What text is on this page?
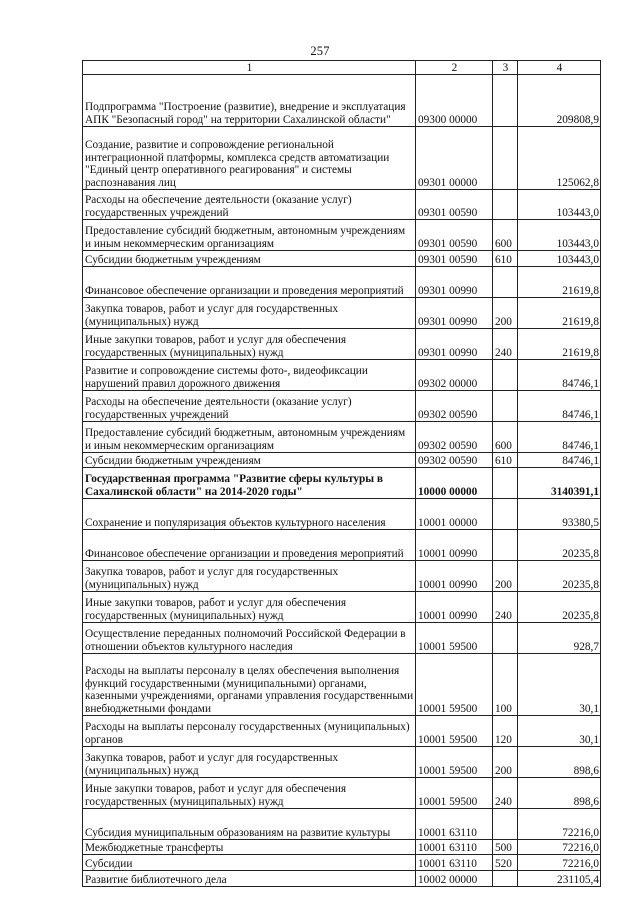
257
1	2	3	4
Подпрограмма "Построение (развитие), внедрение и эксплуатация АПК "Безопасный город" на территории Сахалинской области"	09300 00000		209808,9
Создание, развитие и сопровождение региональной интеграционной платформы, комплекса средств автоматизации "Единый центр оперативного реагирования" и системы распознавания лиц	09301 00000		125062,8
Расходы на обеспечение деятельности (оказание услуг) государственных учреждений	09301 00590		103443,0
Предоставление субсидий бюджетным, автономным учреждениям и иным некоммерческим организациям	09301 00590	600	103443,0
Субсидии бюджетным учреждениям	09301 00590	610	103443,0
Финансовое обеспечение организации и проведения мероприятий	09301 00990		21619,8
Закупка товаров, работ и услуг для государственных (муниципальных) нужд	09301 00990	200	21619,8
Иные закупки товаров, работ и услуг для обеспечения государственных (муниципальных) нужд	09301 00990	240	21619,8
Развитие и сопровождение системы фото-, видеофиксации нарушений правил дорожного движения	09302 00000		84746,1
Расходы на обеспечение деятельности (оказание услуг) государственных учреждений	09302 00590		84746,1
Предоставление субсидий бюджетным, автономным учреждениям и иным некоммерческим организациям	09302 00590	600	84746,1
Субсидии бюджетным учреждениям	09302 00590	610	84746,1
Государственная программа "Развитие сферы культуры в Сахалинской области" на 2014-2020 годы"	10000 00000		3140391,1
Сохранение и популяризация объектов культурного населения	10001 00000		93380,5
Финансовое обеспечение организации и проведения мероприятий	10001 00990		20235,8
Закупка товаров, работ и услуг для государственных (муниципальных) нужд	10001 00990	200	20235,8
Иные закупки товаров, работ и услуг для обеспечения государственных (муниципальных) нужд	10001 00990	240	20235,8
Осуществление переданных полномочий Российской Федерации в отношении объектов культурного наследия	10001 59500		928,7
Расходы на выплаты персоналу в целях обеспечения выполнения функций государственными (муниципальными) органами, казенными учреждениями, органами управления государственными внебюджетными фондами	10001 59500	100	30,1
Расходы на выплаты персоналу государственных (муниципальных) органов	10001 59500	120	30,1
Закупка товаров, работ и услуг для государственных (муниципальных) нужд	10001 59500	200	898,6
Иные закупки товаров, работ и услуг для обеспечения государственных (муниципальных) нужд	10001 59500	240	898,6
Субсидия муниципальным образованиям на развитие культуры	10001 63110		72216,0
Межбюджетные трансферты	10001 63110	500	72216,0
Субсидии	10001 63110	520	72216,0
Развитие библиотечного дела	10002 00000		231105,4
